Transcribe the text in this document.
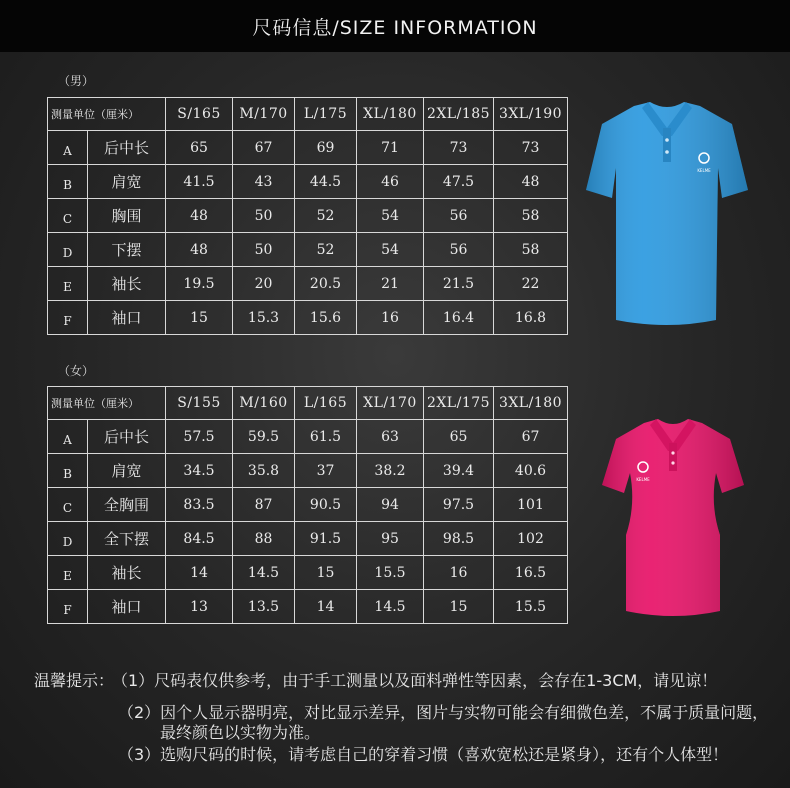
尺码信息/SIZE INFORMATION
（男）
测量单位（厘米）		S/165	M/170	L/175	XL/180	2XL/185	3XL/190
A	后中长	65	67	69	71	73	73
B	肩宽	41.5	43	44.5	46	47.5	48
C	胸围	48	50	52	54	56	58
D	下摆	48	50	52	54	56	58
E	袖长	19.5	20	20.5	21	21.5	22
F	袖口	15	15.3	15.6	16	16.4	16.8
（女）
测量单位（厘米）		S/155	M/160	L/165	XL/170	2XL/175	3XL/180
A	后中长	57.5	59.5	61.5	63	65	67
B	肩宽	34.5	35.8	37	38.2	39.4	40.6
C	全胸围	83.5	87	90.5	94	97.5	101
D	全下摆	84.5	88	91.5	95	98.5	102
E	袖长	14	14.5	15	15.5	16	16.5
F	袖口	13	13.5	14	14.5	15	15.5
KELME
KELME
温馨提示：
（1）尺码表仅供参考，由于手工测量以及面料弹性等因素，会存在1-3CM，请见谅！
（2）因个人显示器明亮，对比显示差异，图片与实物可能会有细微色差，不属于质量问题，
最终颜色以实物为准。
（3）选购尺码的时候，请考虑自己的穿着习惯（喜欢宽松还是紧身），还有个人体型！
